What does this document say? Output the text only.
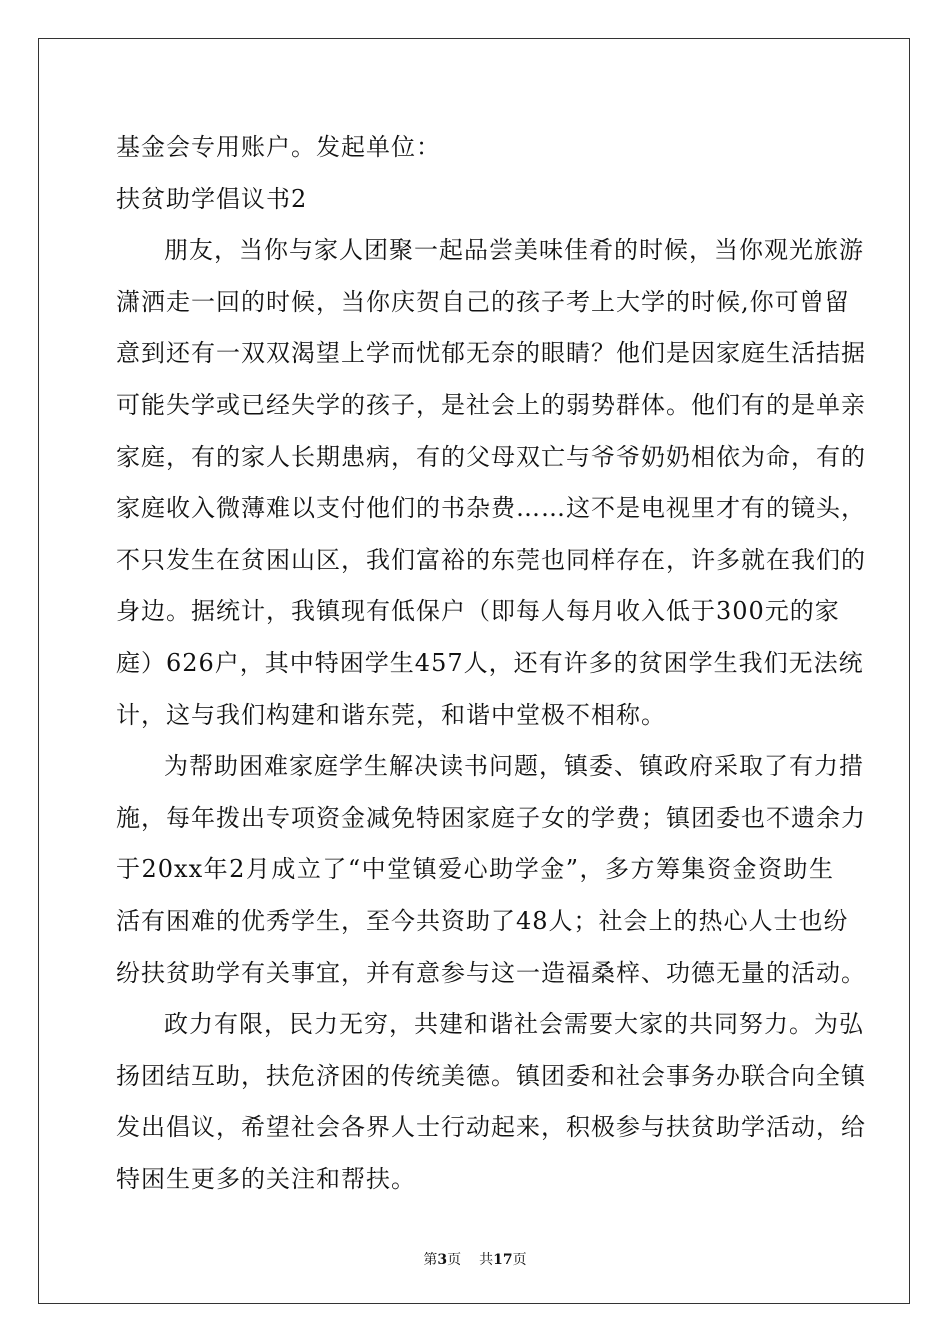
基金会专用账户。发起单位：
扶贫助学倡议书2
朋友，当你与家人团聚一起品尝美味佳肴的时候，当你观光旅游
潇洒走一回的时候，当你庆贺自己的孩子考上大学的时候,你可曾留
意到还有一双双渴望上学而忧郁无奈的眼睛？他们是因家庭生活拮据
可能失学或已经失学的孩子，是社会上的弱势群体。他们有的是单亲
家庭，有的家人长期患病，有的父母双亡与爷爷奶奶相依为命，有的
家庭收入微薄难以支付他们的书杂费……这不是电视里才有的镜头，
不只发生在贫困山区，我们富裕的东莞也同样存在，许多就在我们的
身边。据统计，我镇现有低保户（即每人每月收入低于300元的家
庭）626户，其中特困学生457人，还有许多的贫困学生我们无法统
计，这与我们构建和谐东莞，和谐中堂极不相称。
为帮助困难家庭学生解决读书问题，镇委、镇政府采取了有力措
施，每年拨出专项资金减免特困家庭子女的学费；镇团委也不遗余力
于20xx年2月成立了“中堂镇爱心助学金”，多方筹集资金资助生
活有困难的优秀学生，至今共资助了48人；社会上的热心人士也纷
纷扶贫助学有关事宜，并有意参与这一造福桑梓、功德无量的活动。
政力有限，民力无穷，共建和谐社会需要大家的共同努力。为弘
扬团结互助，扶危济困的传统美德。镇团委和社会事务办联合向全镇
发出倡议，希望社会各界人士行动起来，积极参与扶贫助学活动，给
特困生更多的关注和帮扶。
第3页 共17页
